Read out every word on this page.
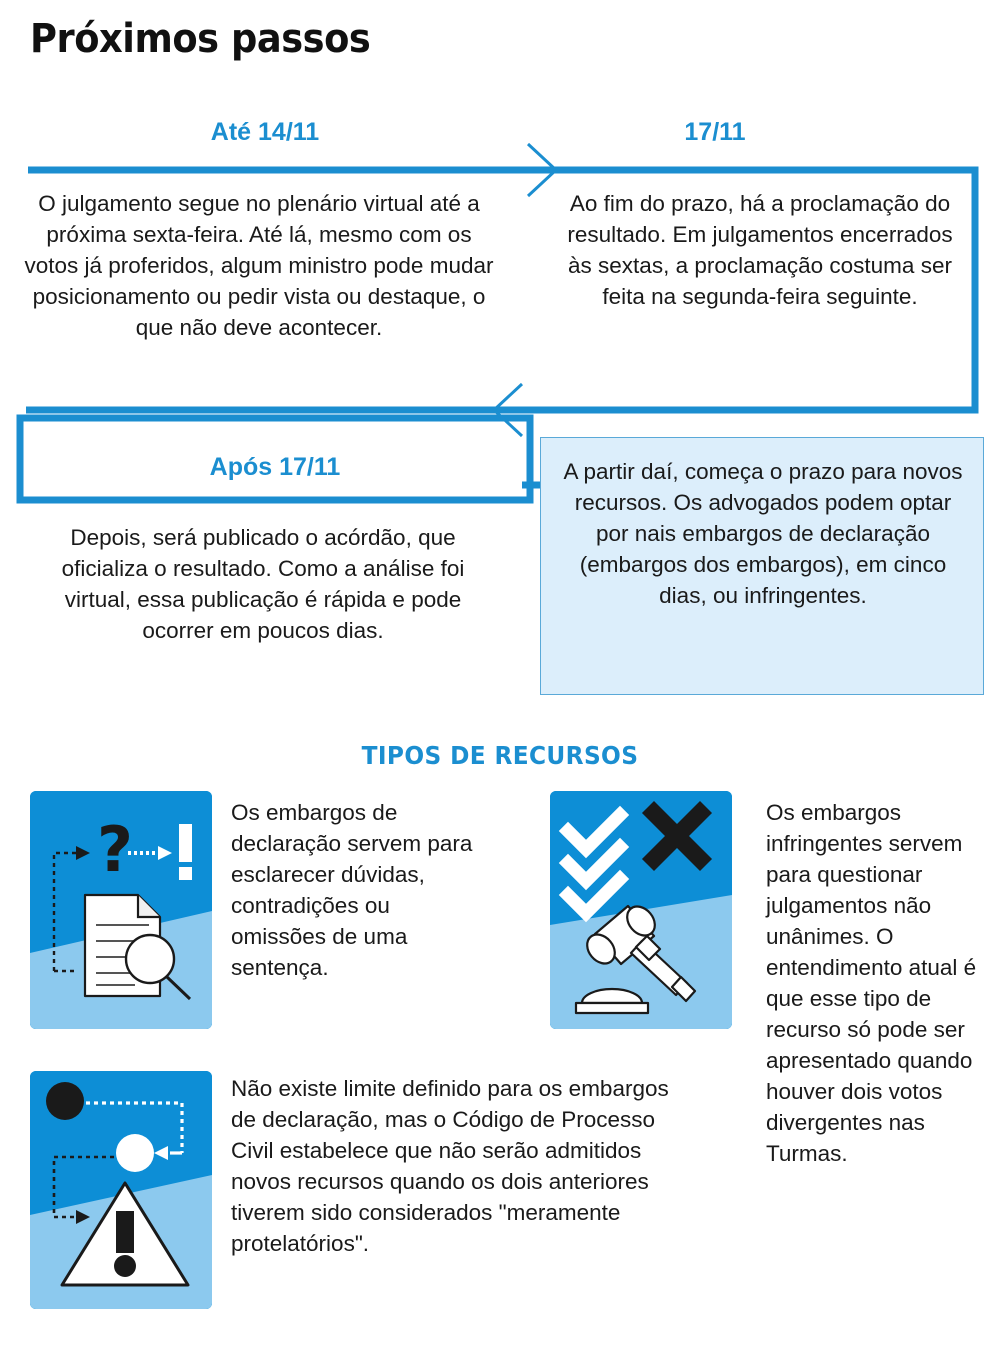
Próximos passos
Até 14/11	17/11
Após 17/11
O julgamento segue no plenário virtual até a próxima sexta-feira. Até lá, mesmo com os votos já proferidos, algum ministro pode mudar posicionamento ou pedir vista ou destaque, o que não deve acontecer.
Ao fim do prazo, há a proclamação do resultado. Em julgamentos encerrados às sextas, a proclamação costuma ser feita na segunda-feira seguinte.
Depois, será publicado o acórdão, que oficializa o resultado. Como a análise foi virtual, essa publicação é rápida e pode ocorrer em poucos dias.
A partir daí, começa o prazo para novos recursos. Os advogados podem optar por nais embargos de declaração (embargos dos embargos), em cinco dias, ou infringentes.
TIPOS DE RECURSOS
?
Os embargos de declaração servem para esclarecer dúvidas, contradições ou omissões de uma sentença.
Os embargos infringentes servem para questionar julgamentos não unânimes. O entendimento atual é que esse tipo de recurso só pode ser apresentado quando houver dois votos divergentes nas Turmas.
Não existe limite definido para os embargos de declaração, mas o Código de Processo Civil estabelece que não serão admitidos novos recursos quando os dois anteriores tiverem sido considerados "meramente protelatórios".
